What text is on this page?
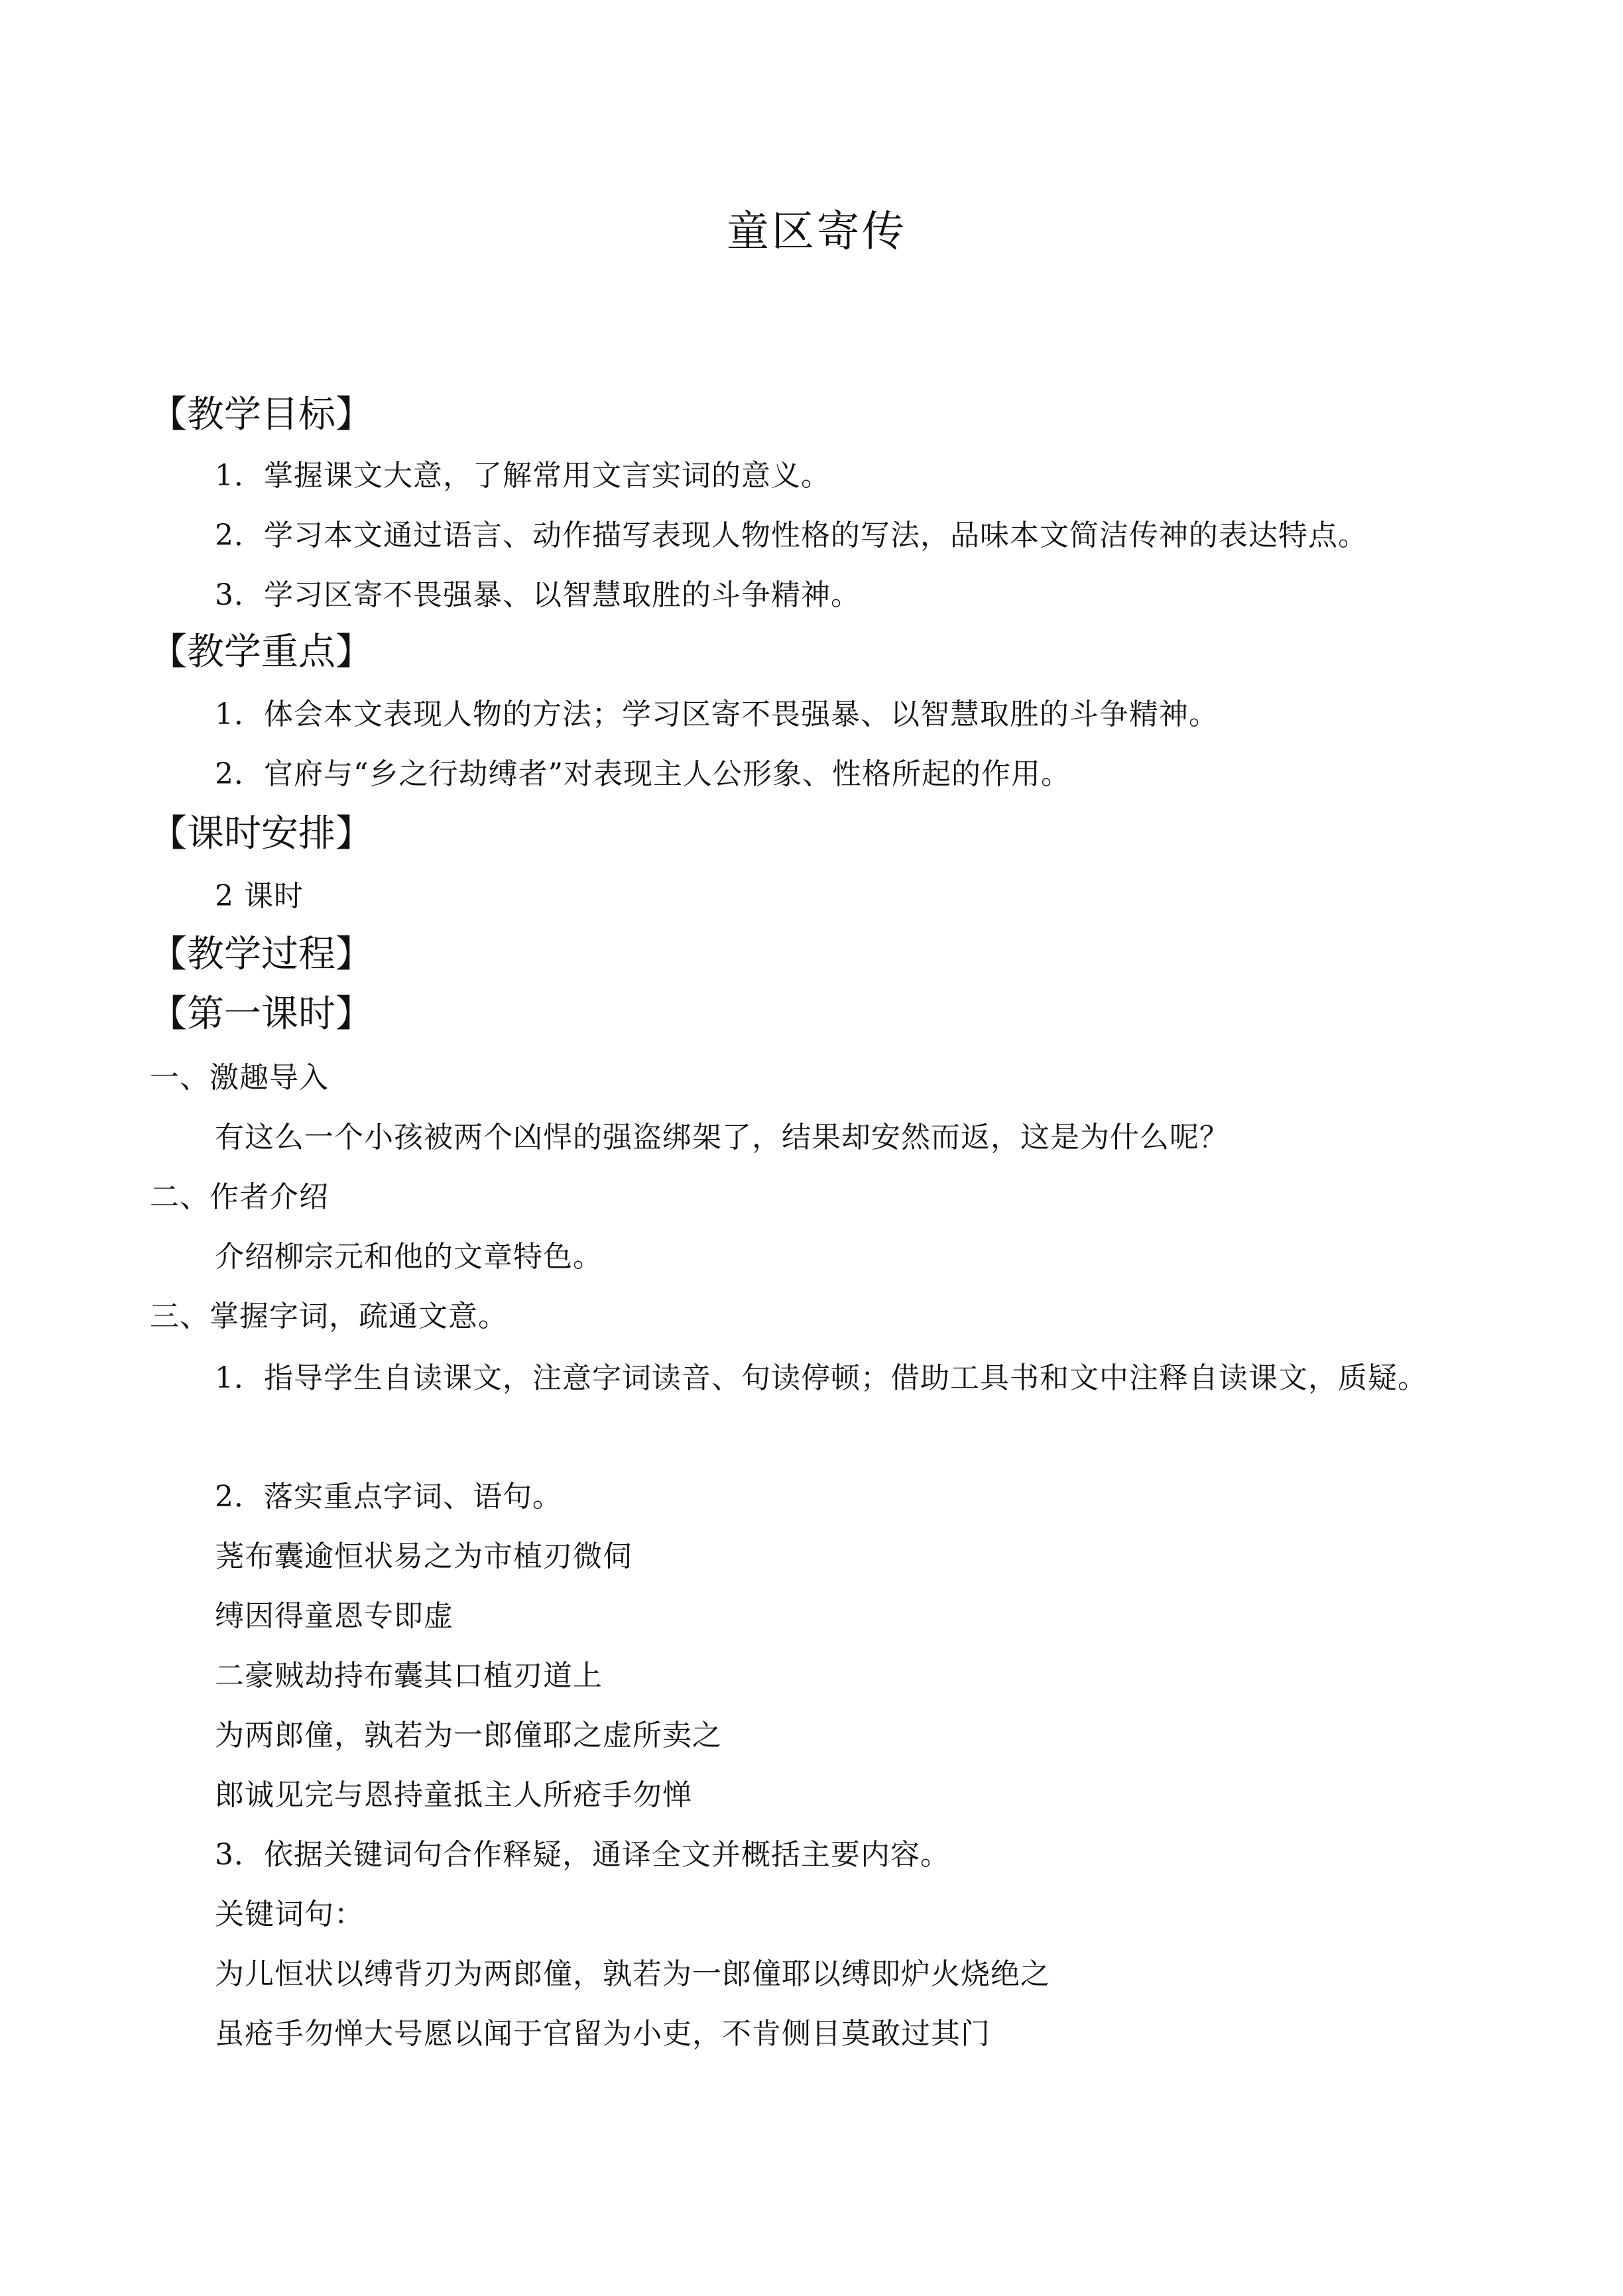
童区寄传
【教学目标】
1．掌握课文大意，了解常用文言实词的意义。
2．学习本文通过语言、动作描写表现人物性格的写法，品味本文简洁传神的表达特点。
3．学习区寄不畏强暴、以智慧取胜的斗争精神。
【教学重点】
1．体会本文表现人物的方法；学习区寄不畏强暴、以智慧取胜的斗争精神。
2．官府与“乡之行劫缚者”对表现主人公形象、性格所起的作用。
【课时安排】
2 课时
【教学过程】
【第一课时】
一、激趣导入
有这么一个小孩被两个凶悍的强盗绑架了，结果却安然而返，这是为什么呢？
二、作者介绍
介绍柳宗元和他的文章特色。
三、掌握字词，疏通文意。
1．指导学生自读课文，注意字词读音、句读停顿；借助工具书和文中注释自读课文，质疑。
2．落实重点字词、语句。
荛布囊逾恒状易之为市植刃微伺
缚因得童恩专即虚
二豪贼劫持布囊其口植刃道上
为两郎僮，孰若为一郎僮耶之虚所卖之
郎诚见完与恩持童抵主人所疮手勿惮
3．依据关键词句合作释疑，通译全文并概括主要内容。
关键词句：
为儿恒状以缚背刃为两郎僮，孰若为一郎僮耶以缚即炉火烧绝之
虽疮手勿惮大号愿以闻于官留为小吏，不肯侧目莫敢过其门
